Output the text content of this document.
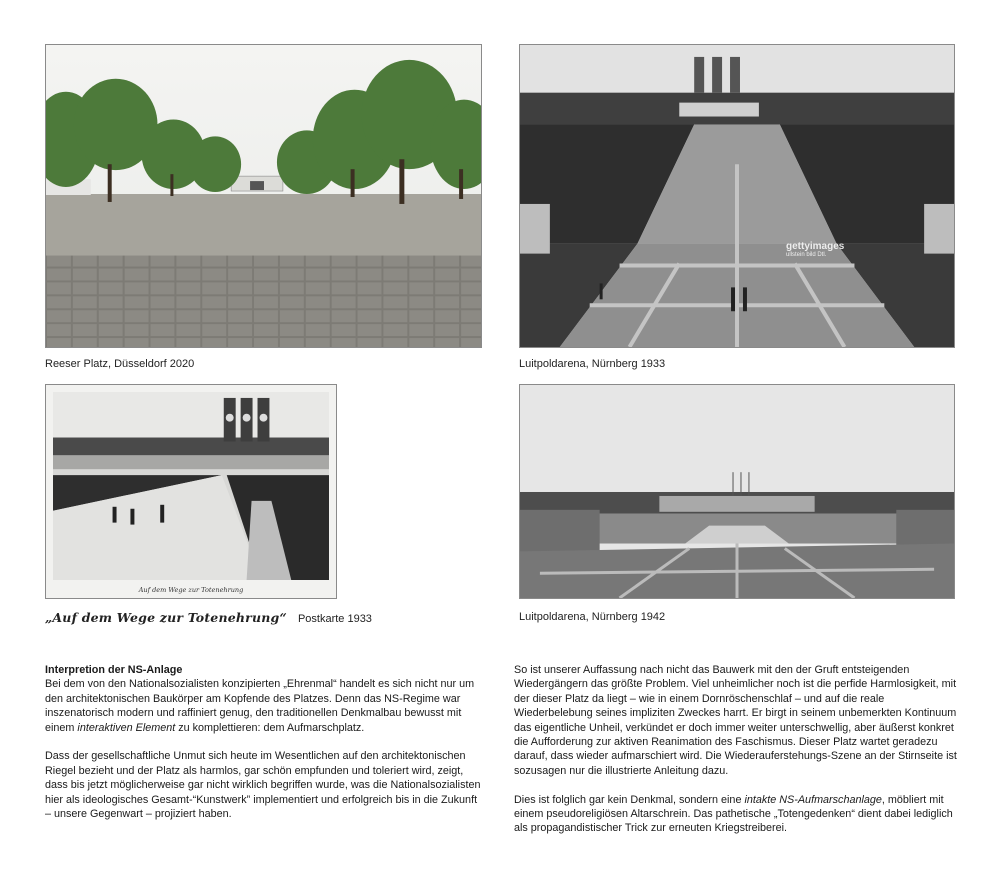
Reeser Platz, Düsseldorf 2020
gettyimages
ullstein bild Dtl.
Luitpoldarena, Nürnberg 1933
Auf dem Wege zur Totenehrung
„Auf dem Wege zur Totenehrung“ Postkarte 1933	Luitpoldarena, Nürnberg 1942

Interpretion der NS-Anlage

Bei dem von den Nationalsozialisten konzipierten „Ehrenmal“ handelt es sich nicht nur um den architektonischen Baukörper am Kopfende des Platzes. Denn das NS-Regime war inszenatorisch modern und raffiniert genug, den traditionellen Denkmalbau bewusst mit einem interaktiven Element zu komplettieren: dem Aufmarschplatz.

Dass der gesellschaftliche Unmut sich heute im Wesentlichen auf den architektonischen Riegel bezieht und der Platz als harmlos, gar schön empfunden und toleriert wird, zeigt, dass bis jetzt möglicherweise gar nicht wirklich begriffen wurde, was die Nationalsozialisten hier als ideologisches Gesamt-“Kunstwerk” implementiert und erfolgreich bis in die Zukunft – unsere Gegenwart – projiziert haben.

So ist unserer Auffassung nach nicht das Bauwerk mit den der Gruft entsteigenden Wiedergängern das größte Problem. Viel unheimlicher noch ist die perfide Harmlosigkeit, mit der dieser Platz da liegt – wie in einem Dornröschenschlaf – und auf die reale Wiederbelebung seines impliziten Zweckes harrt. Er birgt in seinem unbemerkten Kontinuum das eigentliche Unheil, verkündet er doch immer weiter unterschwellig, aber äußerst konkret die Aufforderung zur aktiven Reanimation des Faschismus. Dieser Platz wartet geradezu darauf, dass wieder aufmarschiert wird. Die Wiederauferstehungs-Szene an der Stirnseite ist sozusagen nur die illustrierte Anleitung dazu.

Dies ist folglich gar kein Denkmal, sondern eine intakte NS-Aufmarschanlage, möbliert mit einem pseudoreligiösen Altarschrein. Das pathetische „Totengedenken“ dient dabei lediglich als propagandistischer Trick zur erneuten Kriegstreiberei.
